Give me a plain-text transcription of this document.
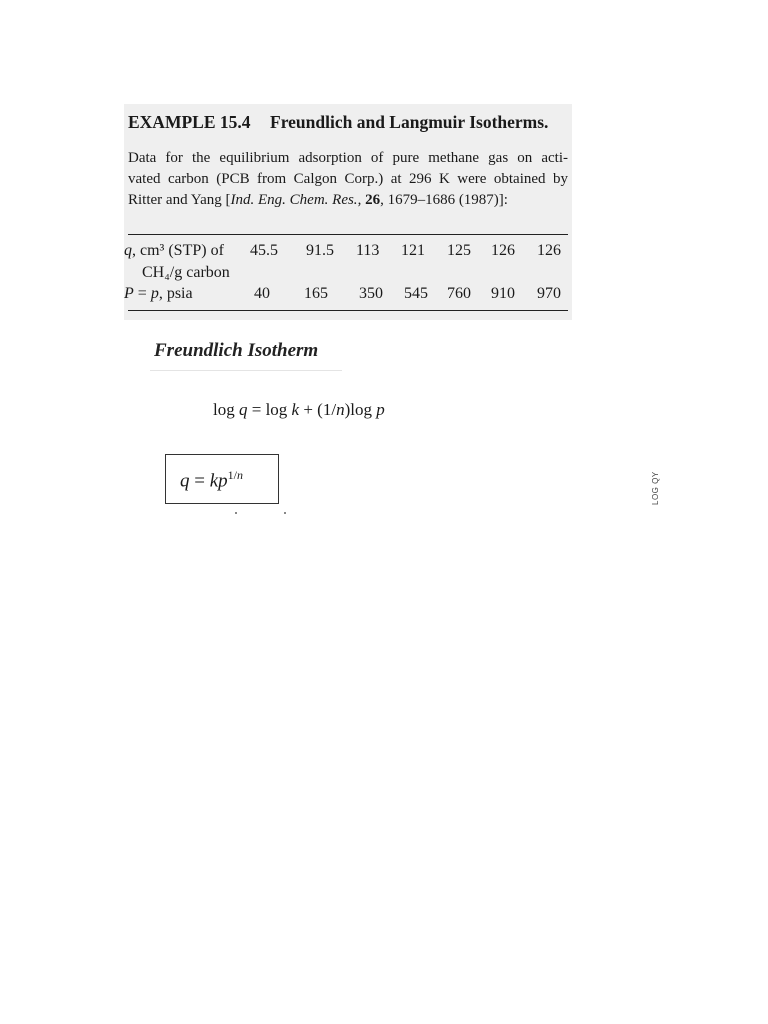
EXAMPLE 15.4 Freundlich and Langmuir Isotherms.
Data for the equilibrium adsorption of pure methane gas on acti-
vated carbon (PCB from Calgon Corp.) at 296 K were obtained by
Ritter and Yang [Ind. Eng. Chem. Res., 26, 1679–1686 (1987)]:
q, cm³ (STP) of 45.5 91.5 113 121 125 126 126
CH₄/g carbon
P = p, psia	40 165 350 545 760 910 970
Freundlich Isotherm
log q = log k + (1/n)log p
$q = kp^{1/n}$	LOG QY
